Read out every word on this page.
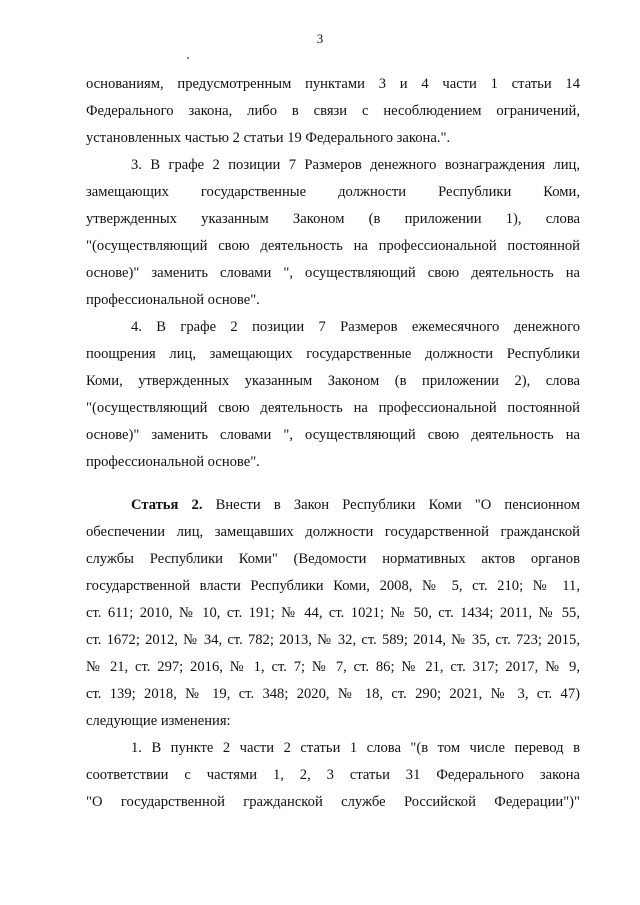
3
основаниям, предусмотренным пунктами 3 и 4 части 1 статьи 14
Федерального закона, либо в связи с несоблюдением ограничений,
установленных частью 2 статьи 19 Федерального закона.".
3. В графе 2 позиции 7 Размеров денежного вознаграждения лиц,
замещающих государственные должности Республики Коми,
утвержденных указанным Законом (в приложении 1), слова
"(осуществляющий свою деятельность на профессиональной постоянной
основе)" заменить словами ", осуществляющий свою деятельность на
профессиональной основе".
4. В графе 2 позиции 7 Размеров ежемесячного денежного
поощрения лиц, замещающих государственные должности Республики
Коми, утвержденных указанным Законом (в приложении 2), слова
"(осуществляющий свою деятельность на профессиональной постоянной
основе)" заменить словами ", осуществляющий свою деятельность на
профессиональной основе".
Статья 2. Внести в Закон Республики Коми "О пенсионном
обеспечении лиц, замещавших должности государственной гражданской
службы Республики Коми" (Ведомости нормативных актов органов
государственной власти Республики Коми, 2008, № 5, ст. 210; № 11,
ст. 611; 2010, № 10, ст. 191; № 44, ст. 1021; № 50, ст. 1434; 2011, № 55,
ст. 1672; 2012, № 34, ст. 782; 2013, № 32, ст. 589; 2014, № 35, ст. 723; 2015,
№ 21, ст. 297; 2016, № 1, ст. 7; № 7, ст. 86; № 21, ст. 317; 2017, № 9,
ст. 139; 2018, № 19, ст. 348; 2020, № 18, ст. 290; 2021, № 3, ст. 47)
следующие изменения:
1. В пункте 2 части 2 статьи 1 слова "(в том числе перевод в
соответствии с частями 1, 2, 3 статьи 31 Федерального закона
"О государственной гражданской службе Российской Федерации")"
